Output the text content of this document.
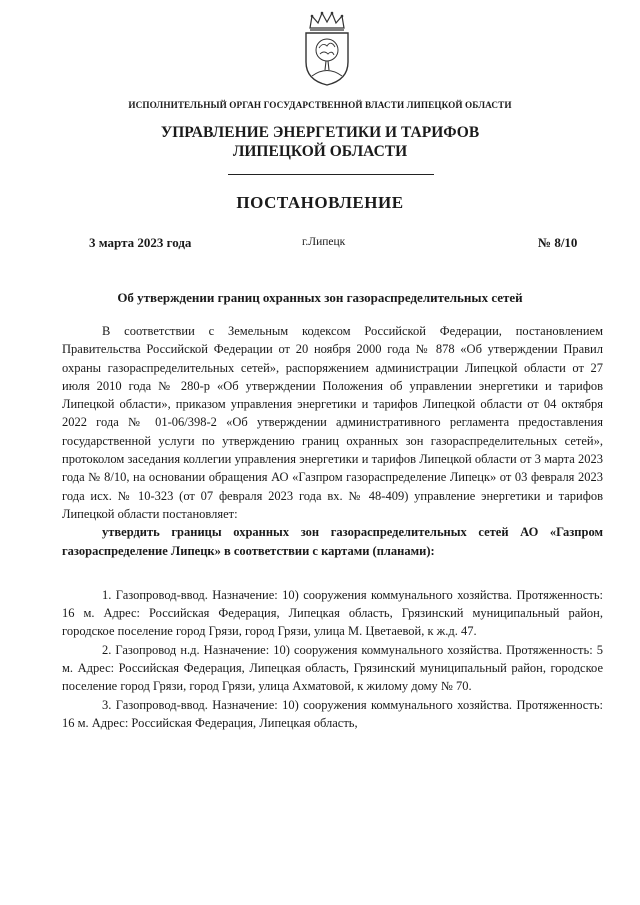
ИСПОЛНИТЕЛЬНЫЙ ОРГАН ГОСУДАРСТВЕННОЙ ВЛАСТИ ЛИПЕЦКОЙ ОБЛАСТИ
УПРАВЛЕНИЕ ЭНЕРГЕТИКИ И ТАРИФОВ
ЛИПЕЦКОЙ ОБЛАСТИ
ПОСТАНОВЛЕНИЕ
3 марта 2023 года	г.Липецк	№ 8/10
Об утверждении границ охранных зон газораспределительных сетей

В соответствии с Земельным кодексом Российской Федерации, постановлением Правительства Российской Федерации от 20 ноября 2000 года № 878 «Об утверждении Правил охраны газораспределительных сетей», распоряжением администрации Липецкой области от 27 июля 2010 года № 280-р «Об утверждении Положения об управлении энергетики и тарифов Липецкой области», приказом управления энергетики и тарифов Липецкой области от 04 октября 2022 года № 01-06/398-2 «Об утверждении административного регламента предоставления государственной услуги по утверждению границ охранных зон газораспределительных сетей», протоколом заседания коллегии управления энергетики и тарифов Липецкой области от 3 марта 2023 года № 8/10, на основании обращения АО «Газпром газораспределение Липецк» от 03 февраля 2023 года исх. № 10-323 (от 07 февраля 2023 года вх. № 48-409) управление энергетики и тарифов Липецкой области постановляет:

утвердить границы охранных зон газораспределительных сетей АО «Газпром газораспределение Липецк» в соответствии с картами (планами):

1. Газопровод-ввод. Назначение: 10) сооружения коммунального хозяйства. Протяженность: 16 м. Адрес: Российская Федерация, Липецкая область, Грязинский муниципальный район, городское поселение город Грязи, город Грязи, улица М. Цветаевой, к ж.д. 47.

2. Газопровод н.д. Назначение: 10) сооружения коммунального хозяйства. Протяженность: 5 м. Адрес: Российская Федерация, Липецкая область, Грязинский муниципальный район, городское поселение город Грязи, город Грязи, улица Ахматовой, к жилому дому № 70.

3. Газопровод-ввод. Назначение: 10) сооружения коммунального хозяйства. Протяженность: 16 м. Адрес: Российская Федерация, Липецкая область,
